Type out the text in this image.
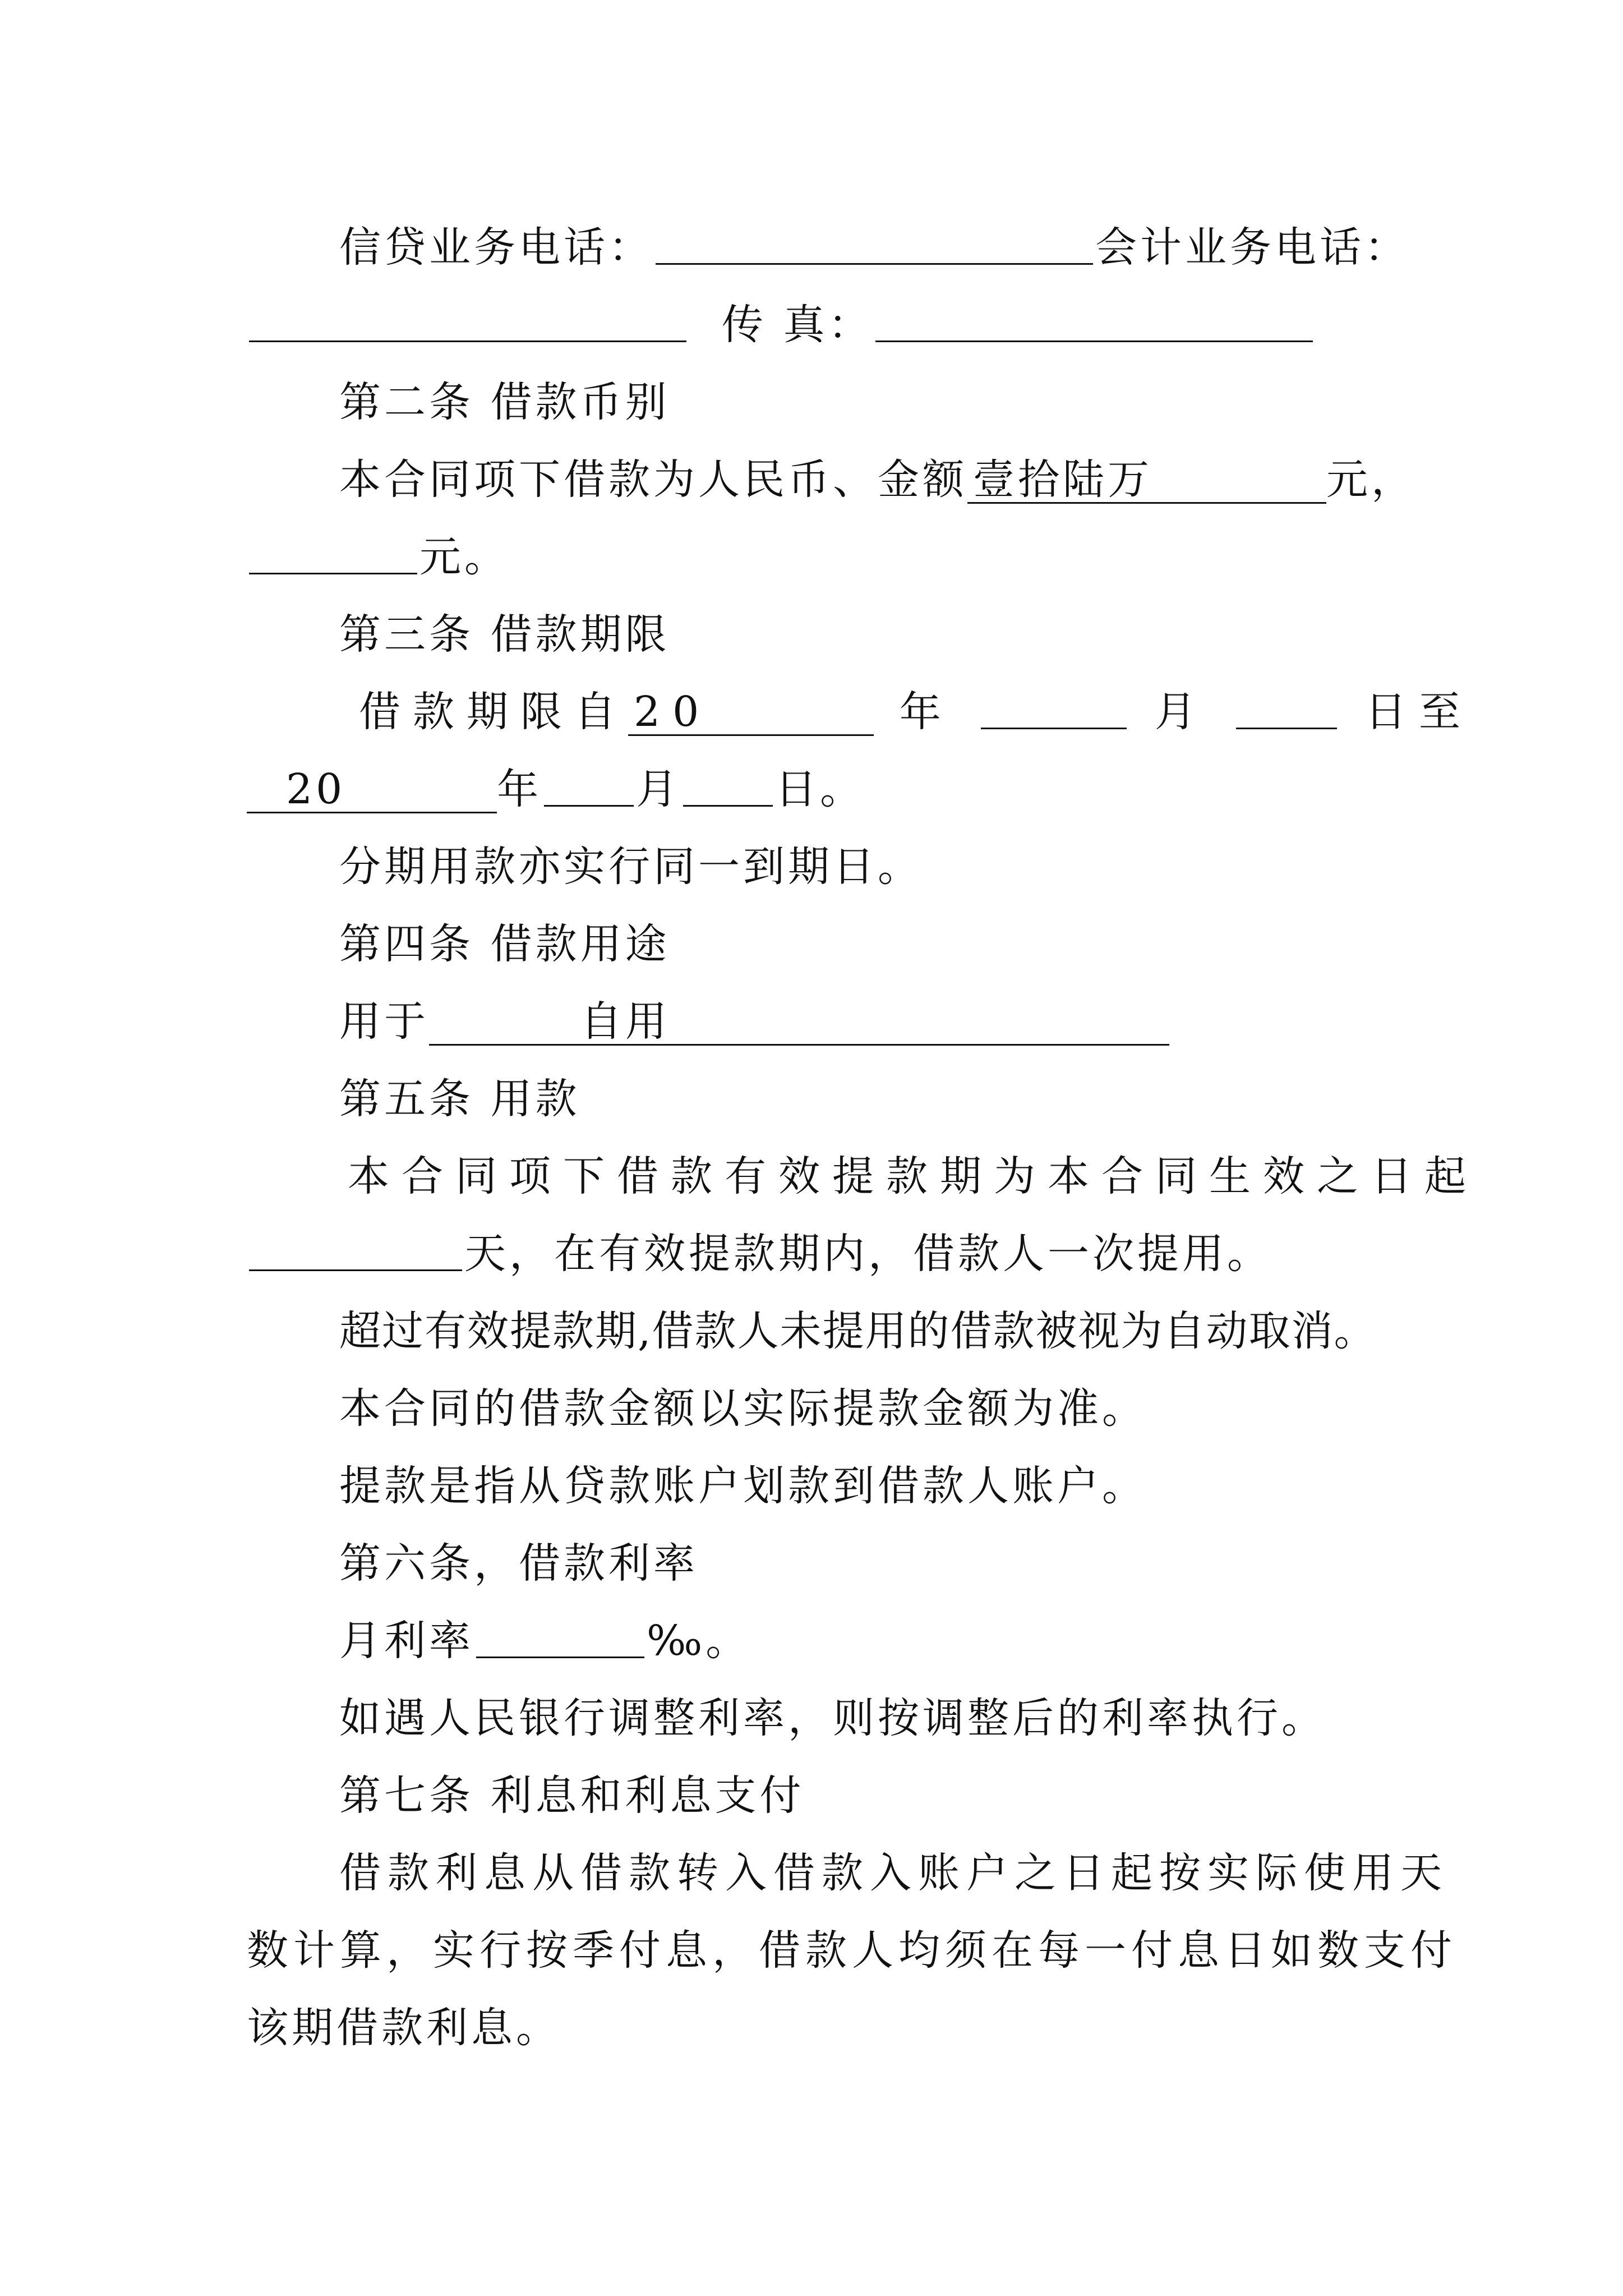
信贷业务电话：	会计业务电话：
传 真：
第二条 借款币别
本合同项下借款为人民币、金额 壹拾陆万	元，
元。
第三条 借款期限
借款期限自 20	年	月	日至
20	年 月 日。
分期用款亦实行同一到期日。
第四条 借款用途
用于	自用
第五条 用款
本合同项下借款有效提款期为本合同生效之日起
天，在有效提款期内，借款人一次提用。
超过有效提款期,借款人未提用的借款被视为自动取消。
本合同的借款金额以实际提款金额为准。
提款是指从贷款账户划款到借款人账户。
第六条，借款利率
月利率	‰。
如遇人民银行调整利率，则按调整后的利率执行。
第七条 利息和利息支付
借款利息从借款转入借款入账户之日起按实际使用天
数计算，实行按季付息，借款人均须在每一付息日如数支付
该期借款利息。
